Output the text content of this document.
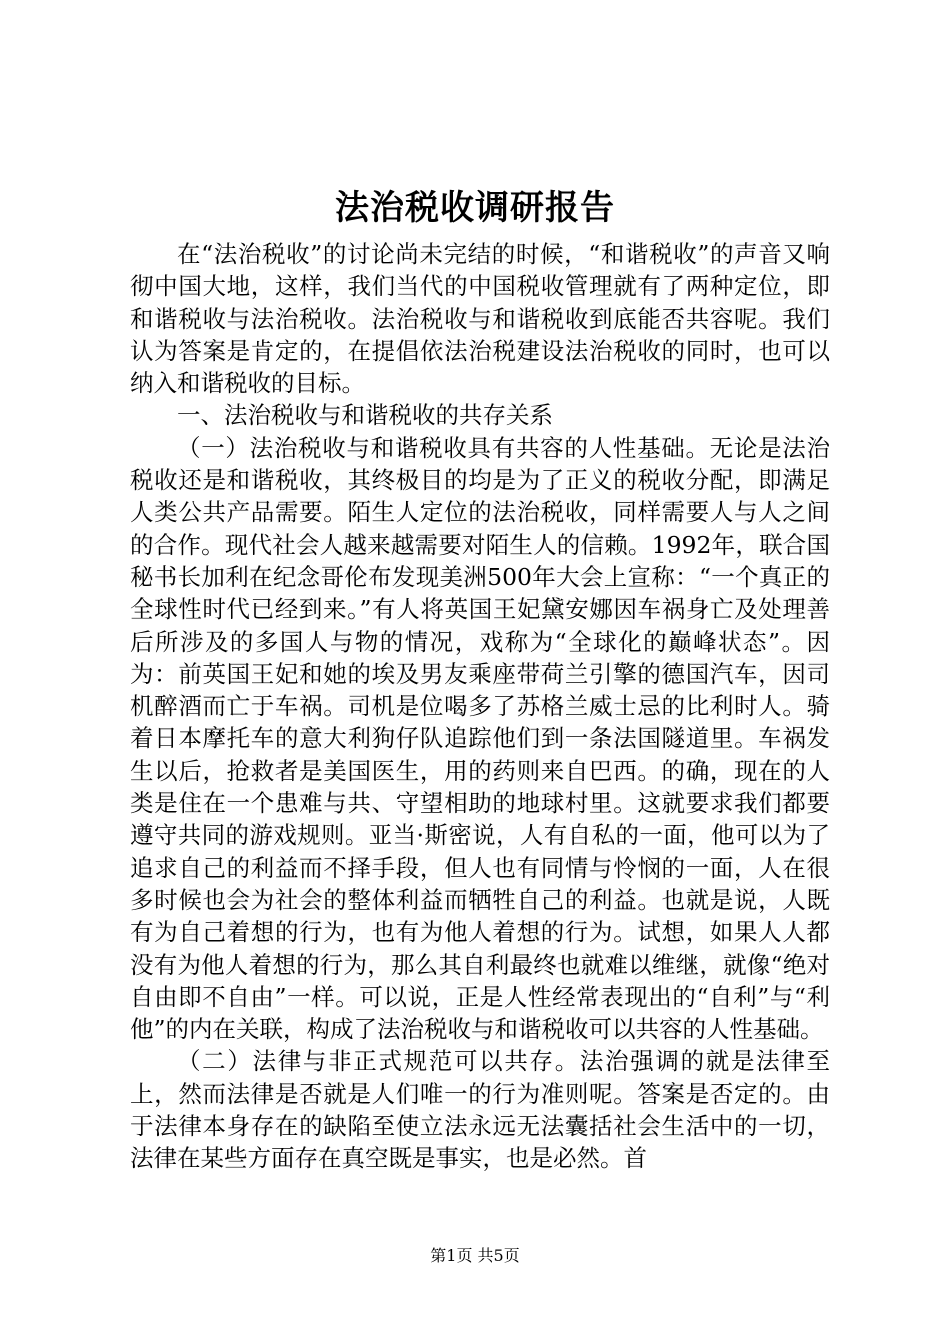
法治税收调研报告

在“法治税收”的讨论尚未完结的时候，“和谐税收”的声音又响彻中国大地，这样，我们当代的中国税收管理就有了两种定位，即和谐税收与法治税收。法治税收与和谐税收到底能否共容呢。我们认为答案是肯定的，在提倡依法治税建设法治税收的同时，也可以纳入和谐税收的目标。

一、法治税收与和谐税收的共存关系

（一）法治税收与和谐税收具有共容的人性基础。无论是法治税收还是和谐税收，其终极目的均是为了正义的税收分配，即满足人类公共产品需要。陌生人定位的法治税收，同样需要人与人之间的合作。现代社会人越来越需要对陌生人的信赖。1992年，联合国秘书长加利在纪念哥伦布发现美洲500年大会上宣称：“一个真正的全球性时代已经到来。”有人将英国王妃黛安娜因车祸身亡及处理善后所涉及的多国人与物的情况，戏称为“全球化的巅峰状态”。因为：前英国王妃和她的埃及男友乘座带荷兰引擎的德国汽车，因司机醉酒而亡于车祸。司机是位喝多了苏格兰威士忌的比利时人。骑着日本摩托车的意大利狗仔队追踪他们到一条法国隧道里。车祸发生以后，抢救者是美国医生，用的药则来自巴西。的确，现在的人类是住在一个患难与共、守望相助的地球村里。这就要求我们都要遵守共同的游戏规则。亚当·斯密说，人有自私的一面，他可以为了追求自己的利益而不择手段，但人也有同情与怜悯的一面，人在很多时候也会为社会的整体利益而牺牲自己的利益。也就是说，人既有为自己着想的行为，也有为他人着想的行为。试想，如果人人都没有为他人着想的行为，那么其自利最终也就难以维继，就像“绝对自由即不自由”一样。可以说，正是人性经常表现出的“自利”与“利他”的内在关联，构成了法治税收与和谐税收可以共容的人性基础。

（二）法律与非正式规范可以共存。法治强调的就是法律至上，然而法律是否就是人们唯一的行为准则呢。答案是否定的。由于法律本身存在的缺陷至使立法永远无法囊括社会生活中的一切，法律在某些方面存在真空既是事实，也是必然。首

第1页 共5页
